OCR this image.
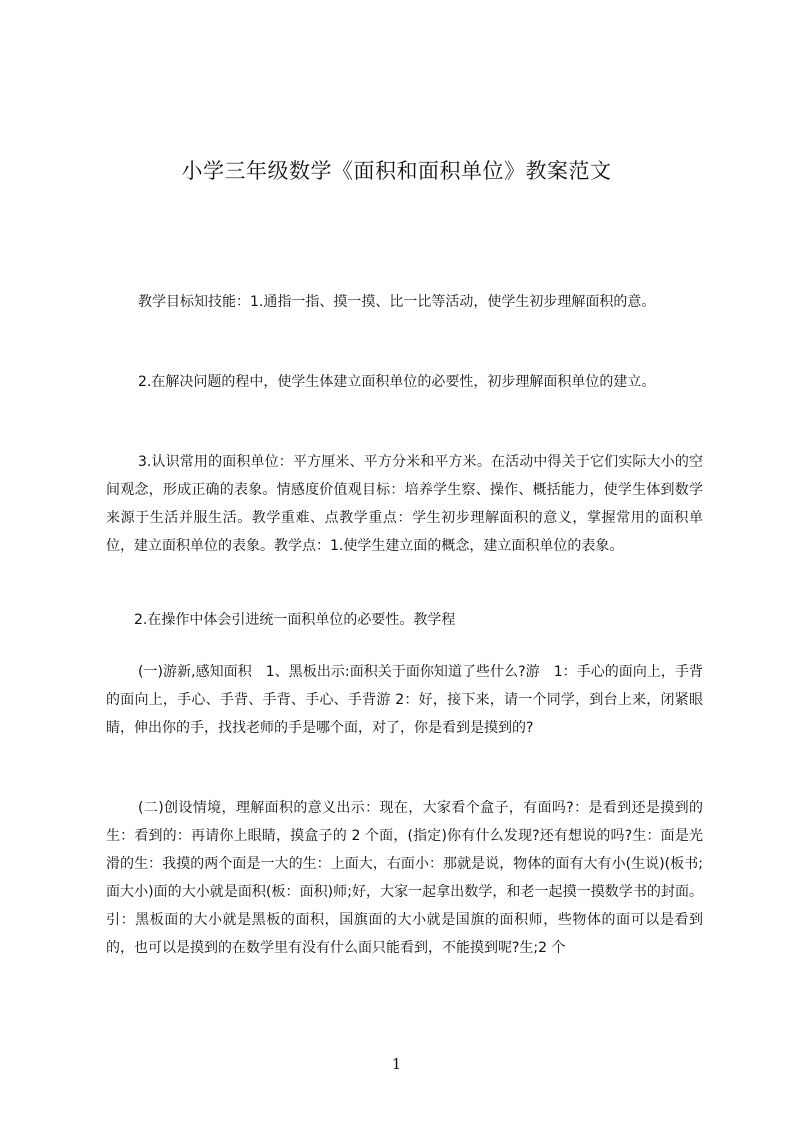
小学三年级数学《面积和面积单位》教案范文

教学目标知技能：1.通指一指、摸一摸、比一比等活动，使学生初步理解面积的意。

2.在解决问题的程中，使学生体建立面积单位的必要性，初步理解面积单位的建立。

3.认识常用的面积单位：平方厘米、平方分米和平方米。在活动中得关于它们实际大小的空间观念，形成正确的表象。情感度价值观目标：培养学生察、操作、概括能力，使学生体到数学来源于生活并服生活。教学重难、点教学重点：学生初步理解面积的意义，掌握常用的面积单位，建立面积单位的表象。教学点：1.使学生建立面的概念，建立面积单位的表象。

2.在操作中体会引进统一面积单位的必要性。教学程

(一)游新,感知面积　1、黑板出示:面积关于面你知道了些什么?游　1：手心的面向上，手背的面向上，手心、手背、手背、手心、手背游 2：好，接下来，请一个同学，到台上来，闭紧眼睛，伸出你的手，找找老师的手是哪个面，对了，你是看到是摸到的?

(二)创设情境，理解面积的意义出示：现在，大家看个盒子，有面吗?：是看到还是摸到的生：看到的：再请你上眼睛，摸盒子的 2 个面，(指定)你有什么发现?还有想说的吗?生：面是光滑的生：我摸的两个面是一大的生：上面大，右面小：那就是说，物体的面有大有小(生说)(板书;面大小)面的大小就是面积(板：面积)师;好，大家一起拿出数学，和老一起摸一摸数学书的封面。引：黑板面的大小就是黑板的面积，国旗面的大小就是国旗的面积师，些物体的面可以是看到的，也可以是摸到的在数学里有没有什么面只能看到，不能摸到呢?生;2 个

1
